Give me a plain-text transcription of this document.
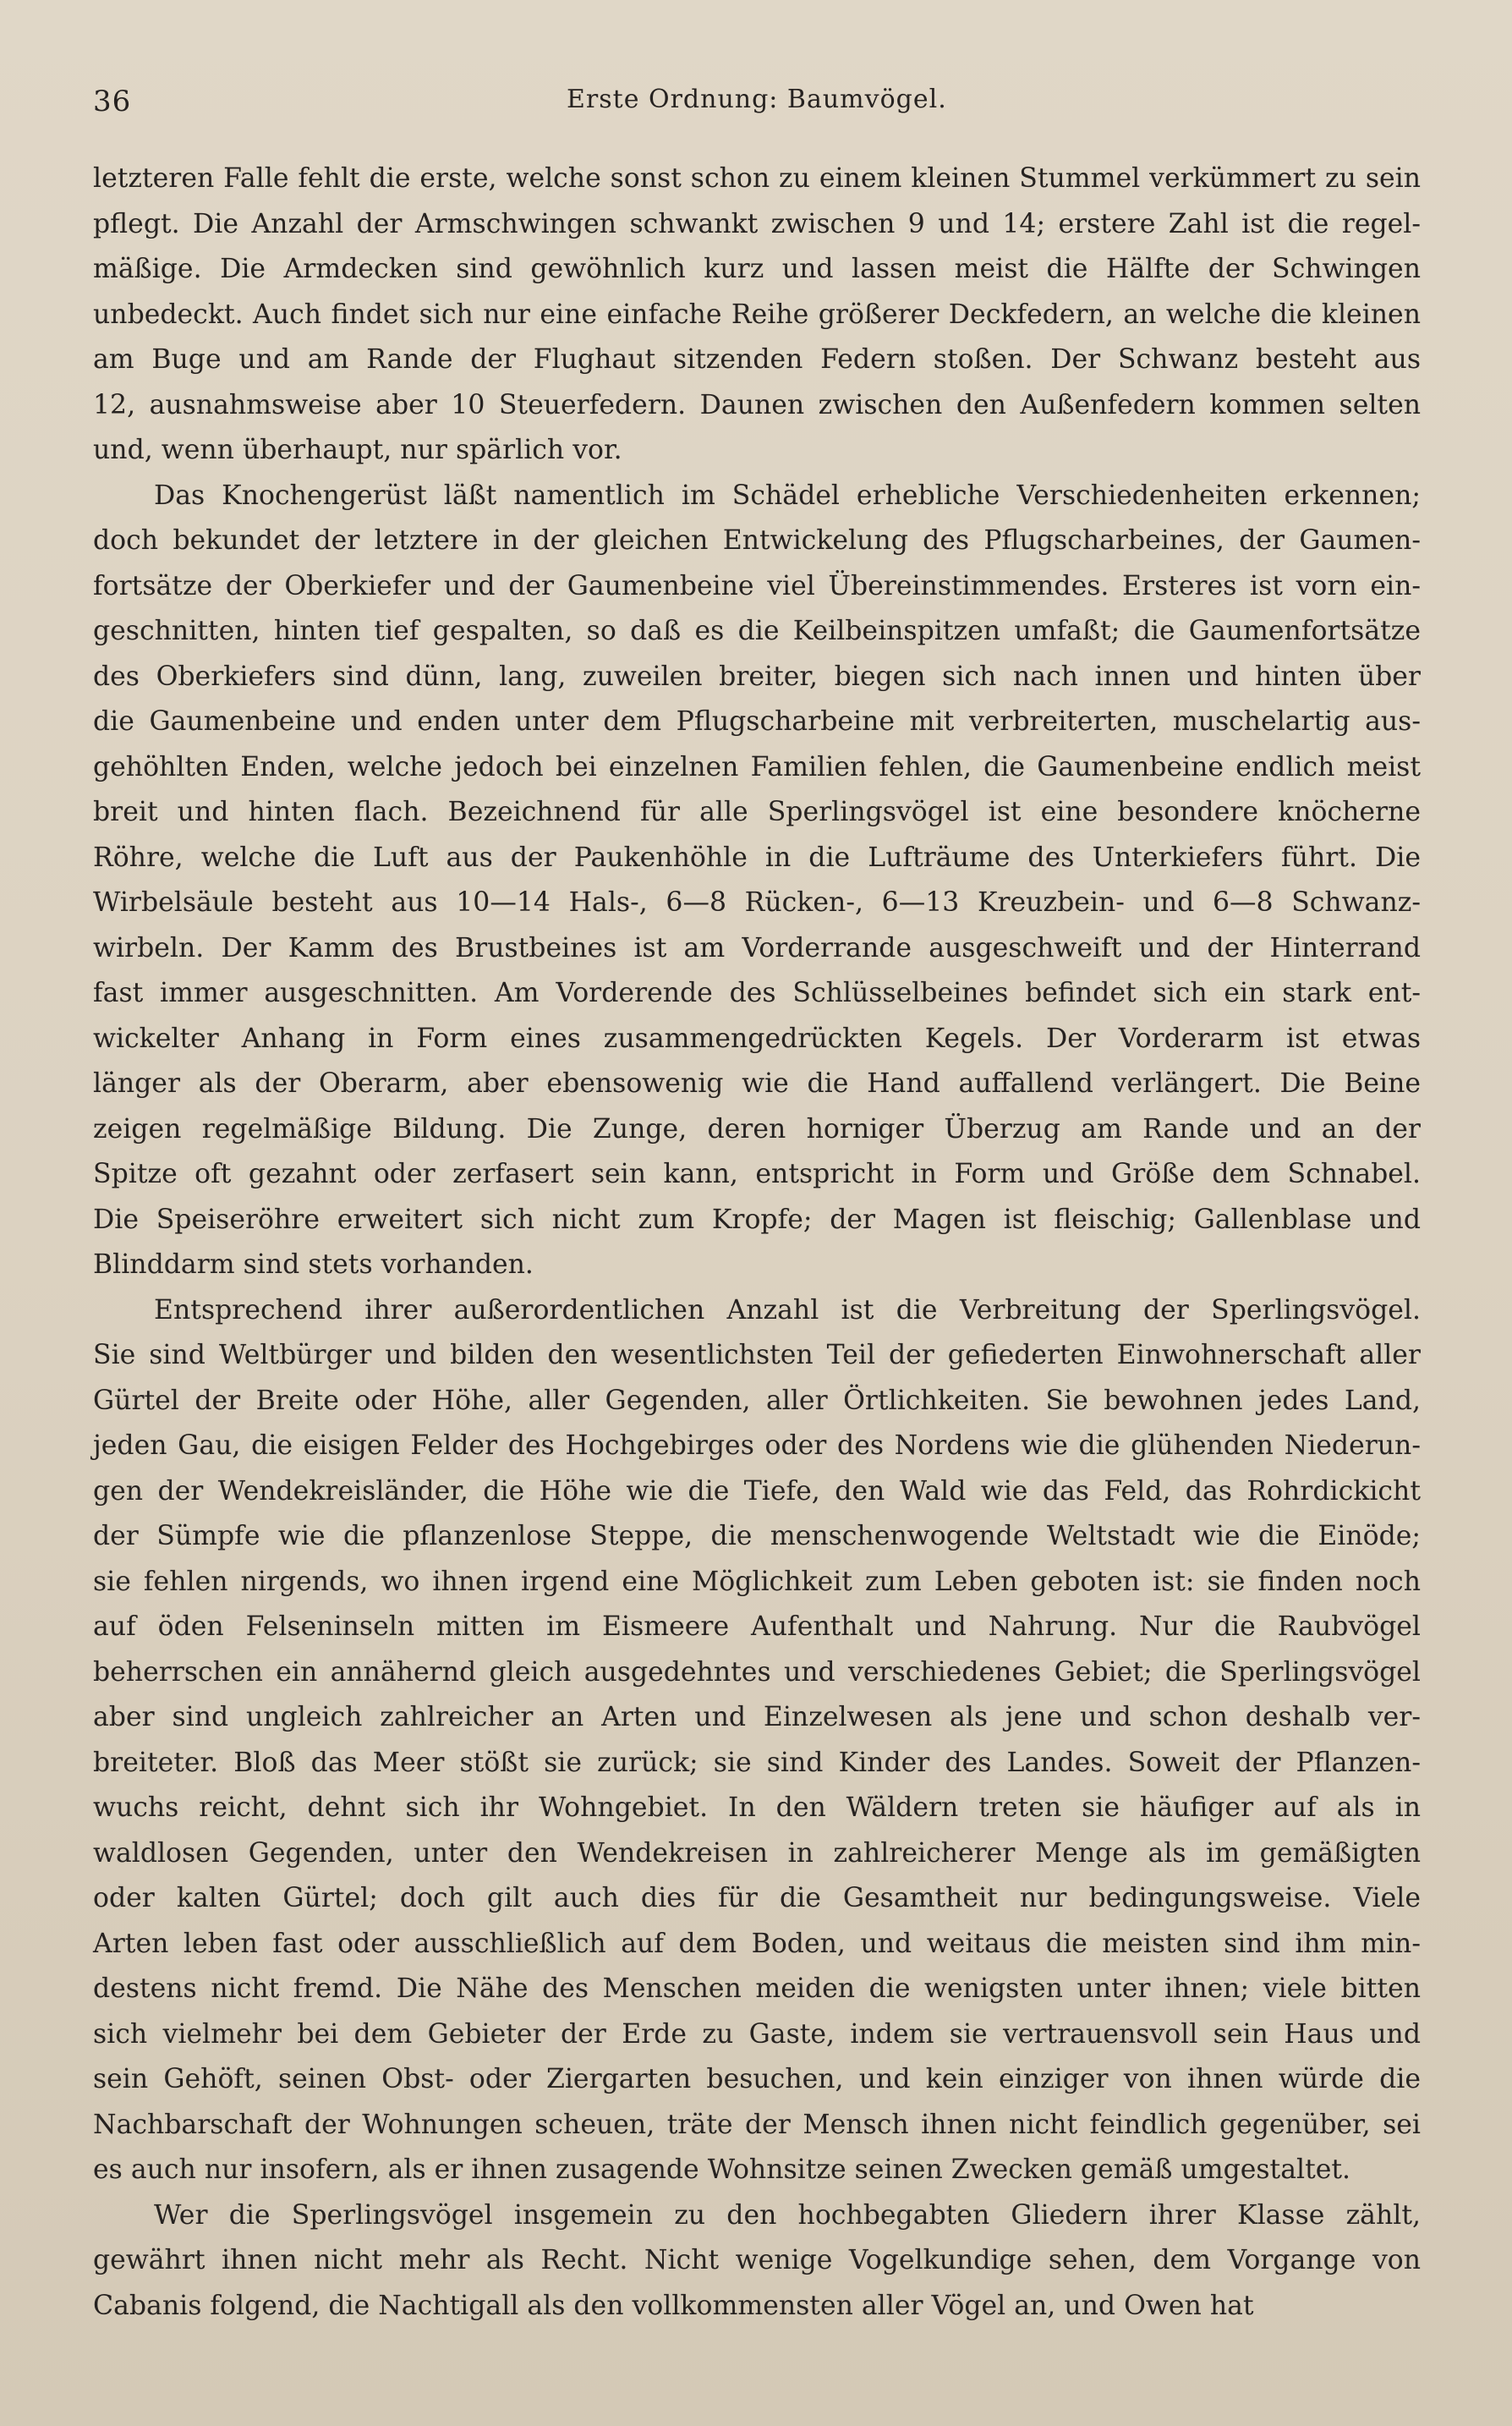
36	Erste Ordnung: Baumvögel.
letzteren Falle fehlt die erste, welche sonst schon zu einem kleinen Stummel verkümmert zu sein
pflegt. Die Anzahl der Armschwingen schwankt zwischen 9 und 14; erstere Zahl ist die regel-
mäßige. Die Armdecken sind gewöhnlich kurz und lassen meist die Hälfte der Schwingen
unbedeckt. Auch findet sich nur eine einfache Reihe größerer Deckfedern, an welche die kleinen
am Buge und am Rande der Flughaut sitzenden Federn stoßen. Der Schwanz besteht aus
12, ausnahmsweise aber 10 Steuerfedern. Daunen zwischen den Außenfedern kommen selten
und, wenn überhaupt, nur spärlich vor.
Das Knochengerüst läßt namentlich im Schädel erhebliche Verschiedenheiten erkennen;
doch bekundet der letztere in der gleichen Entwickelung des Pflugscharbeines, der Gaumen-
fortsätze der Oberkiefer und der Gaumenbeine viel Übereinstimmendes. Ersteres ist vorn ein-
geschnitten, hinten tief gespalten, so daß es die Keilbeinspitzen umfaßt; die Gaumenfortsätze
des Oberkiefers sind dünn, lang, zuweilen breiter, biegen sich nach innen und hinten über
die Gaumenbeine und enden unter dem Pflugscharbeine mit verbreiterten, muschelartig aus-
gehöhlten Enden, welche jedoch bei einzelnen Familien fehlen, die Gaumenbeine endlich meist
breit und hinten flach. Bezeichnend für alle Sperlingsvögel ist eine besondere knöcherne
Röhre, welche die Luft aus der Paukenhöhle in die Lufträume des Unterkiefers führt. Die
Wirbelsäule besteht aus 10—14 Hals-, 6—8 Rücken-, 6—13 Kreuzbein- und 6—8 Schwanz-
wirbeln. Der Kamm des Brustbeines ist am Vorderrande ausgeschweift und der Hinterrand
fast immer ausgeschnitten. Am Vorderende des Schlüsselbeines befindet sich ein stark ent-
wickelter Anhang in Form eines zusammengedrückten Kegels. Der Vorderarm ist etwas
länger als der Oberarm, aber ebensowenig wie die Hand auffallend verlängert. Die Beine
zeigen regelmäßige Bildung. Die Zunge, deren horniger Überzug am Rande und an der
Spitze oft gezahnt oder zerfasert sein kann, entspricht in Form und Größe dem Schnabel.
Die Speiseröhre erweitert sich nicht zum Kropfe; der Magen ist fleischig; Gallenblase und
Blinddarm sind stets vorhanden.
Entsprechend ihrer außerordentlichen Anzahl ist die Verbreitung der Sperlingsvögel.
Sie sind Weltbürger und bilden den wesentlichsten Teil der gefiederten Einwohnerschaft aller
Gürtel der Breite oder Höhe, aller Gegenden, aller Örtlichkeiten. Sie bewohnen jedes Land,
jeden Gau, die eisigen Felder des Hochgebirges oder des Nordens wie die glühenden Niederun-
gen der Wendekreisländer, die Höhe wie die Tiefe, den Wald wie das Feld, das Rohrdickicht
der Sümpfe wie die pflanzenlose Steppe, die menschenwogende Weltstadt wie die Einöde;
sie fehlen nirgends, wo ihnen irgend eine Möglichkeit zum Leben geboten ist: sie finden noch
auf öden Felseninseln mitten im Eismeere Aufenthalt und Nahrung. Nur die Raubvögel
beherrschen ein annähernd gleich ausgedehntes und verschiedenes Gebiet; die Sperlingsvögel
aber sind ungleich zahlreicher an Arten und Einzelwesen als jene und schon deshalb ver-
breiteter. Bloß das Meer stößt sie zurück; sie sind Kinder des Landes. Soweit der Pflanzen-
wuchs reicht, dehnt sich ihr Wohngebiet. In den Wäldern treten sie häufiger auf als in
waldlosen Gegenden, unter den Wendekreisen in zahlreicherer Menge als im gemäßigten
oder kalten Gürtel; doch gilt auch dies für die Gesamtheit nur bedingungsweise. Viele
Arten leben fast oder ausschließlich auf dem Boden, und weitaus die meisten sind ihm min-
destens nicht fremd. Die Nähe des Menschen meiden die wenigsten unter ihnen; viele bitten
sich vielmehr bei dem Gebieter der Erde zu Gaste, indem sie vertrauensvoll sein Haus und
sein Gehöft, seinen Obst- oder Ziergarten besuchen, und kein einziger von ihnen würde die
Nachbarschaft der Wohnungen scheuen, träte der Mensch ihnen nicht feindlich gegenüber, sei
es auch nur insofern, als er ihnen zusagende Wohnsitze seinen Zwecken gemäß umgestaltet.
Wer die Sperlingsvögel insgemein zu den hochbegabten Gliedern ihrer Klasse zählt,
gewährt ihnen nicht mehr als Recht. Nicht wenige Vogelkundige sehen, dem Vorgange von
Cabanis folgend, die Nachtigall als den vollkommensten aller Vögel an, und Owen hat
